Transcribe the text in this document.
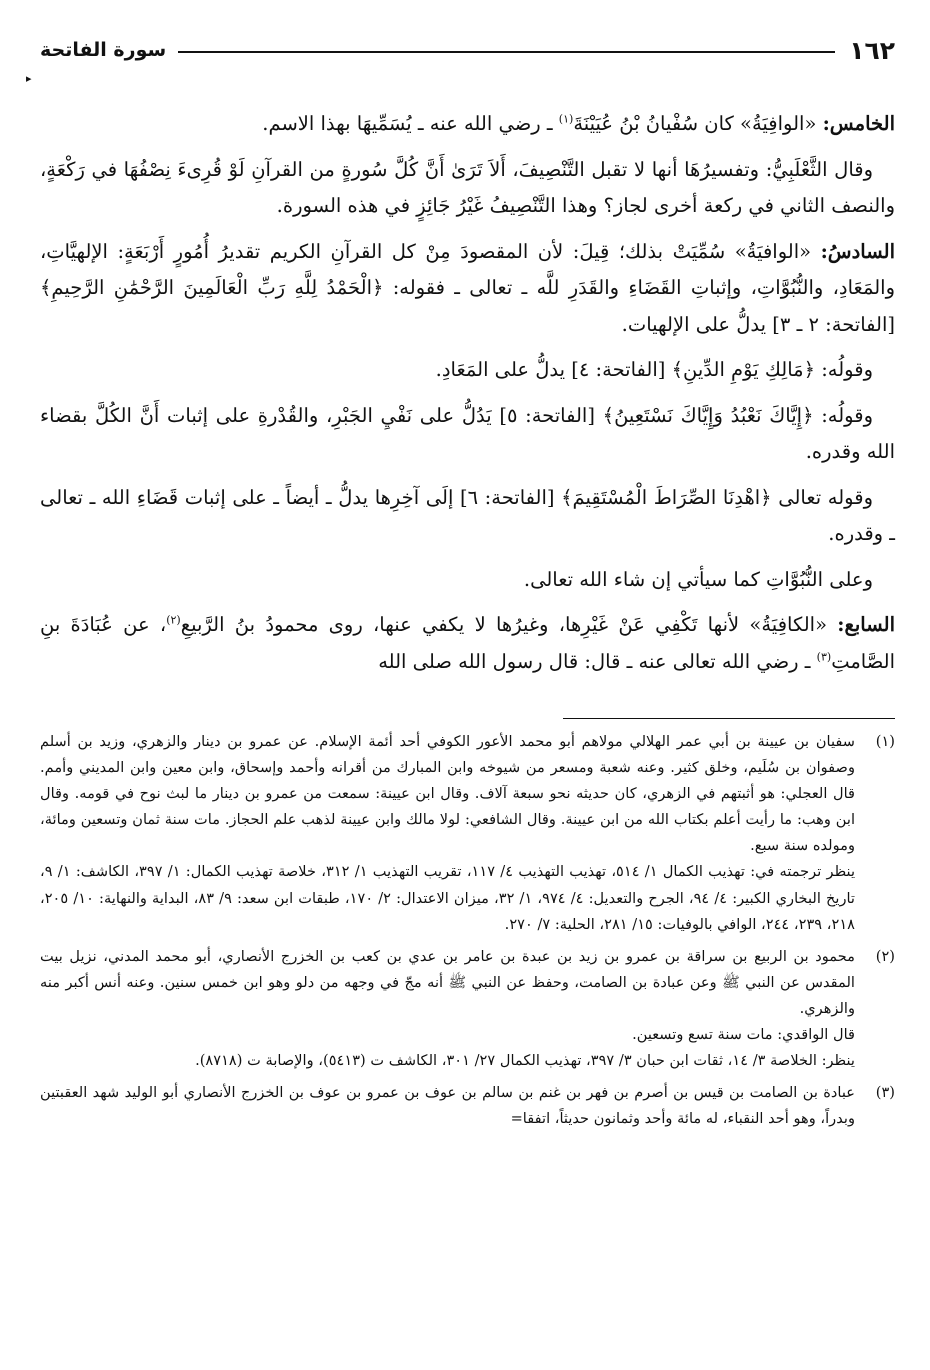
١٦٢
سورة الفاتحة
▸

الخامس: «الوافِيَةُ» كان سُفْيانُ بْنُ عُيَيْنَةَ$^{(١)}$ ـ رضي الله عنه ـ يُسَمِّيهَا بهذا الاسم.

وقال الثَّعْلَبِيُّ: وتفسيرُهَا أنها لا تقبل التَّنْصِيفَ، أَلاَ تَرَىٰ أَنَّ كُلَّ سُورةٍ من القرآنِ لَوْ قُرِىءَ نِصْفُهَا في رَكْعَةٍ، والنصف الثاني في ركعة أخرى لجاز؟ وهذا التَّنْصِيفُ غَيْرُ جَائِزٍ في هذه السورة.

السادسُ: «الوافيَةُ» سُمِّيَتْ بذلك؛ قِيلَ: لأن المقصودَ مِنْ كل القرآنِ الكريم تقديرُ أُمُورٍ أَرْبَعَةٍ: الإلهيَّاتِ، والمَعَادِ، والنُّبُوَّاتِ، وإثباتِ القَضَاءِ والقَدَرِ للَّه ـ تعالى ـ فقوله: ﴿الْحَمْدُ لِلَّهِ رَبِّ الْعَالَمِينَ الرَّحْمَٰنِ الرَّحِيمِ﴾ [الفاتحة: ٢ ـ ٣] يدلُّ على الإلهيات.

وقولُه: ﴿مَالِكِ يَوْمِ الدِّينِ﴾ [الفاتحة: ٤] يدلُّ على المَعَادِ.

وقولُه: ﴿إِيَّاكَ نَعْبُدُ وَإِيَّاكَ نَسْتَعِينُ﴾ [الفاتحة: ٥] يَدُلُّ على نَفْيِ الجَبْرِ، والقُدْرةِ على إثبات أَنَّ الكُلَّ بقضاء الله وقدره.

وقوله تعالى ﴿اهْدِنَا الصِّرَاطَ الْمُسْتَقِيمَ﴾ [الفاتحة: ٦] إلَى آخِرِها يدلُّ ـ أيضاً ـ على إثبات قَضَاءِ الله ـ تعالى ـ وقدره.

وعلى النُّبُوَّاتِ كما سيأتي إن شاء الله تعالى.

السابع: «الكافِيَةُ» لأنها تَكْفِي عَنْ غَيْرِها، وغيرُها لا يكفي عنها، روى محمودُ بنُ الرَّبيعِ$^{(٢)}$، عن عُبَادَةَ بنِ الصَّامتِ$^{(٣)}$ ـ رضي الله تعالى عنه ـ قال: قال رسول الله صلى الله

(١)

سفيان بن عيينة بن أبي عمر الهلالي مولاهم أبو محمد الأعور الكوفي أحد أئمة الإسلام. عن عمرو بن دينار والزهري، وزيد بن أسلم وصفوان بن سُلَيم، وخلق كثير. وعنه شعبة ومسعر من شيوخه وابن المبارك من أقرانه وأحمد وإسحاق، وابن معين وابن المديني وأمم. قال العجلي: هو أثبتهم في الزهري، كان حديثه نحو سبعة آلاف. وقال ابن عيينة: سمعت من عمرو بن دينار ما لبث نوح في قومه. وقال ابن وهب: ما رأيت أعلم بكتاب الله من ابن عيينة. وقال الشافعي: لولا مالك وابن عيينة لذهب علم الحجاز. مات سنة ثمان وتسعين ومائة، ومولده سنة سبع.

ينظر ترجمته في: تهذيب الكمال ١/ ٥١٤، تهذيب التهذيب ٤/ ١١٧، تقريب التهذيب ١/ ٣١٢، خلاصة تهذيب الكمال: ١/ ٣٩٧، الكاشف: ١/ ٩، تاريخ البخاري الكبير: ٤/ ٩٤، الجرح والتعديل: ٤/ ٩٧٤، ١/ ٣٢، ميزان الاعتدال: ٢/ ١٧٠، طبقات ابن سعد: ٩/ ٨٣، البداية والنهاية: ١٠/ ٢٠٥، ٢١٨، ٢٣٩، ٢٤٤، الوافي بالوفيات: ١٥/ ٢٨١، الحلية: ٧/ ٢٧٠.

(٢)

محمود بن الربيع بن سراقة بن عمرو بن زيد بن عبدة بن عامر بن عدي بن كعب بن الخزرج الأنصاري، أبو محمد المدني، نزيل بيت المقدس عن النبي ﷺ وعن عبادة بن الصامت، وحفظ عن النبي ﷺ أنه مجّ في وجهه من دلو وهو ابن خمس سنين. وعنه أنس أكبر منه والزهري.

قال الواقدي: مات سنة تسع وتسعين.

ينظر: الخلاصة ٣/ ١٤، ثقات ابن حبان ٣/ ٣٩٧، تهذيب الكمال ٢٧/ ٣٠١، الكاشف ت (٥٤١٣)، والإصابة ت (٨٧١٨).

(٣)

عبادة بن الصامت بن قيس بن أصرم بن فهر بن غنم بن سالم بن عوف بن عمرو بن عوف بن الخزرج الأنصاري أبو الوليد شهد العقبتين وبدراً، وهو أحد النقباء، له مائة وأحد وثمانون حديثاً، اتفقا=
